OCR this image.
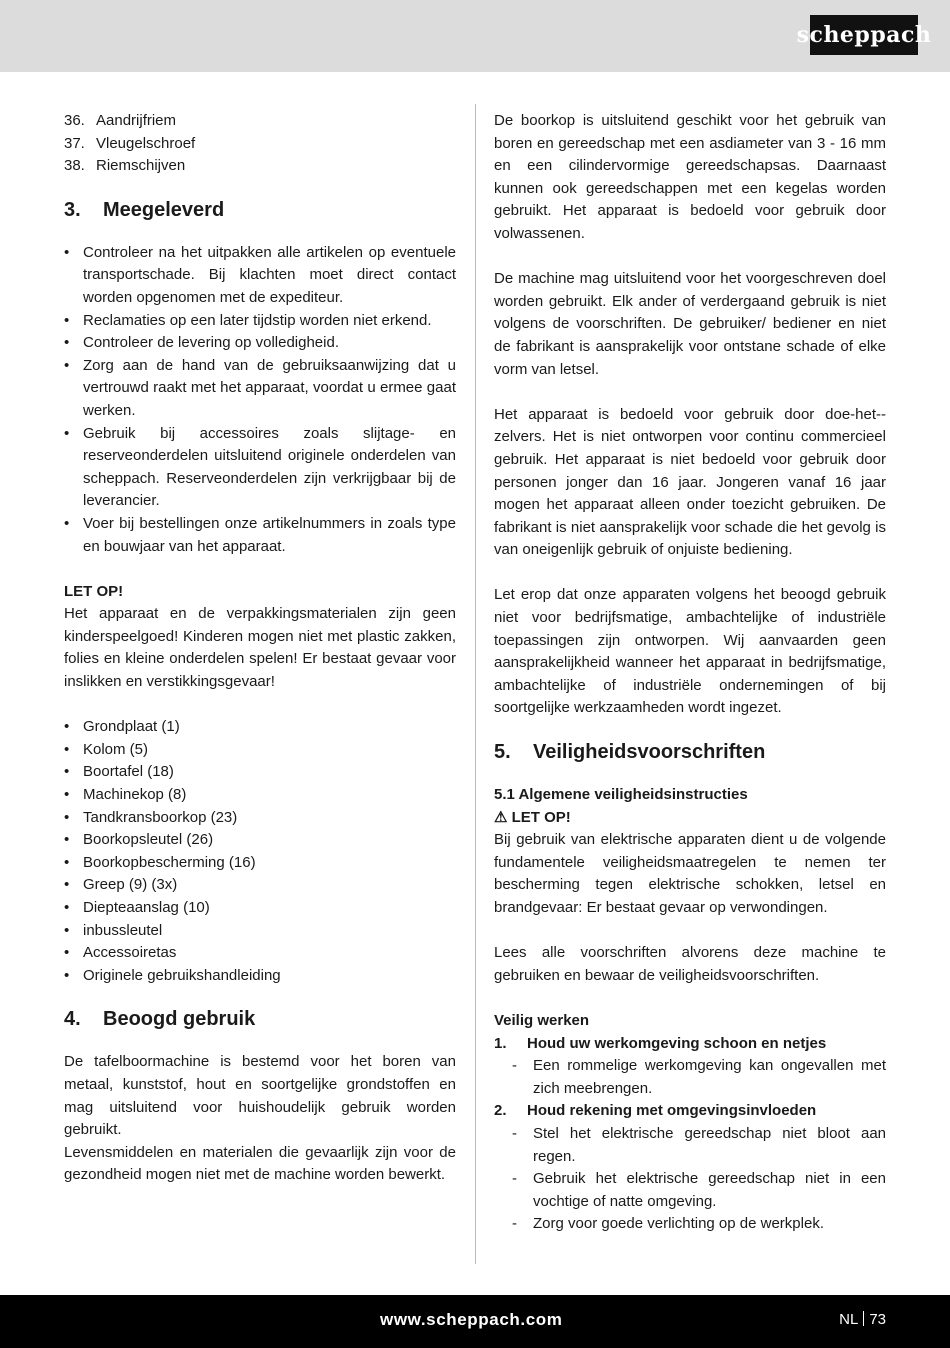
scheppach
36. Aandrijfriem
37. Vleugelschroef
38. Riemschijven
3.	Meegeleverd
• Controleer na het uitpakken alle artikelen op eventuele transportschade. Bij klachten moet direct contact worden opgenomen met de expediteur.
• Reclamaties op een later tijdstip worden niet erkend.
• Controleer de levering op volledigheid.
• Zorg aan de hand van de gebruiksaanwijzing dat u vertrouwd raakt met het apparaat, voordat u ermee gaat werken.
• Gebruik bij accessoires zoals slijtage- en reserveonderdelen uitsluitend originele onderdelen van scheppach. Reserveonderdelen zijn verkrijgbaar bij de leverancier.
• Voer bij bestellingen onze artikelnummers in zoals type en bouwjaar van het apparaat.

LET OP!

Het apparaat en de verpakkingsmaterialen zijn geen kinderspeelgoed! Kinderen mogen niet met plastic zakken, folies en kleine onderdelen spelen! Er bestaat gevaar voor inslikken en verstikkingsgevaar!

• Grondplaat (1)
• Kolom (5)
• Boortafel (18)
• Machinekop (8)
• Tandkransboorkop (23)
• Boorkopsleutel (26)
• Boorkopbescherming (16)
• Greep (9) (3x)
• Diepteaanslag (10)
• inbussleutel
• Accessoiretas
• Originele gebruikshandleiding
4.	Beoogd gebruik

De tafelboormachine is bestemd voor het boren van metaal, kunststof, hout en soortgelijke grondstoffen en mag uitsluitend voor huishoudelijk gebruik worden gebruikt.

Levensmiddelen en materialen die gevaarlijk zijn voor de gezondheid mogen niet met de machine worden bewerkt.

De boorkop is uitsluitend geschikt voor het gebruik van boren en gereedschap met een asdiameter van 3 - 16 mm en een cilindervormige gereedschapsas. Daarnaast kunnen ook gereedschappen met een kegelas worden gebruikt. Het apparaat is bedoeld voor gebruik door volwassenen.

De machine mag uitsluitend voor het voorgeschreven doel worden gebruikt. Elk ander of verdergaand gebruik is niet volgens de voorschriften. De gebruiker/ bediener en niet de fabrikant is aansprakelijk voor ontstane schade of elke vorm van letsel.

Het apparaat is bedoeld voor gebruik door doe-het--zelvers. Het is niet ontworpen voor continu commercieel gebruik. Het apparaat is niet bedoeld voor gebruik door personen jonger dan 16 jaar. Jongeren vanaf 16 jaar mogen het apparaat alleen onder toezicht gebruiken. De fabrikant is niet aansprakelijk voor schade die het gevolg is van oneigenlijk gebruik of onjuiste bediening.

Let erop dat onze apparaten volgens het beoogd gebruik niet voor bedrijfsmatige, ambachtelijke of industriële toepassingen zijn ontworpen. Wij aanvaarden geen aansprakelijkheid wanneer het apparaat in bedrijfsmatige, ambachtelijke of industriële ondernemingen of bij soortgelijke werkzaamheden wordt ingezet.

5.	Veiligheidsvoorschriften

5.1 Algemene veiligheidsinstructies

⚠ LET OP!

Bij gebruik van elektrische apparaten dient u de volgende fundamentele veiligheidsmaatregelen te nemen ter bescherming tegen elektrische schokken, letsel en brandgevaar: Er bestaat gevaar op verwondingen.

Lees alle voorschriften alvorens deze machine te gebruiken en bewaar de veiligheidsvoorschriften.

Veilig werken

1.	Houd uw werkomgeving schoon en netjes
- Een rommelige werkomgeving kan ongevallen met zich meebrengen.
2.	Houd rekening met omgevingsinvloeden
- Stel het elektrische gereedschap niet bloot aan regen.
- Gebruik het elektrische gereedschap niet in een vochtige of natte omgeving.
- Zorg voor goede verlichting op de werkplek.
www.scheppach.com	NL 73
